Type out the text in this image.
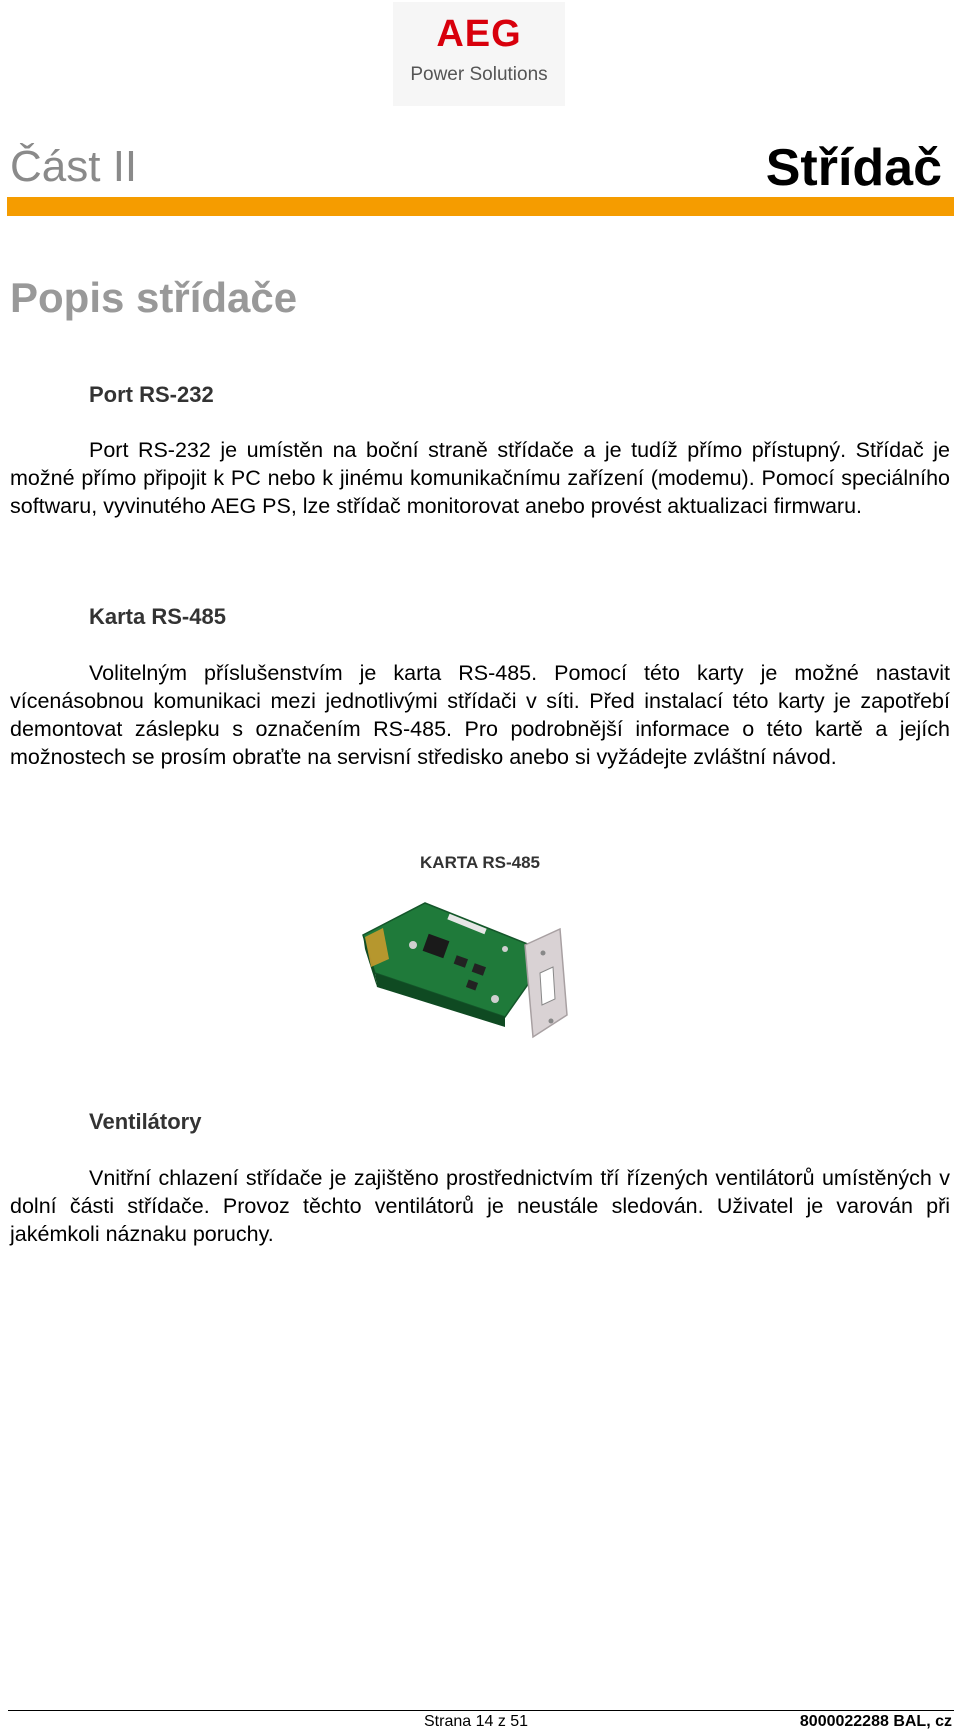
AEG
Power Solutions
Část II	Střídač
Popis střídače
Port RS-232
Port RS-232 je umístěn na boční straně střídače a je tudíž přímo přístupný. Střídač je možné přímo připojit k PC nebo k jinému komunikačnímu zařízení (modemu). Pomocí speciálního softwaru, vyvinutého AEG PS, lze střídač monitorovat anebo provést aktualizaci firmwaru.
Karta RS-485
Volitelným příslušenstvím je karta RS-485. Pomocí této karty je možné nastavit vícenásobnou komunikaci mezi jednotlivými střídači v síti. Před instalací této karty je zapotřebí demontovat záslepku s označením RS-485. Pro podrobnější informace o této kartě a jejích možnostech se prosím obraťte na servisní středisko anebo si vyžádejte zvláštní návod.
KARTA RS-485
Ventilátory
Vnitřní chlazení střídače je zajištěno prostřednictvím tří řízených ventilátorů umístěných v dolní části střídače. Provoz těchto ventilátorů je neustále sledován. Uživatel je varován při jakémkoli náznaku poruchy.
Strana 14 z 51	8000022288 BAL, cz
